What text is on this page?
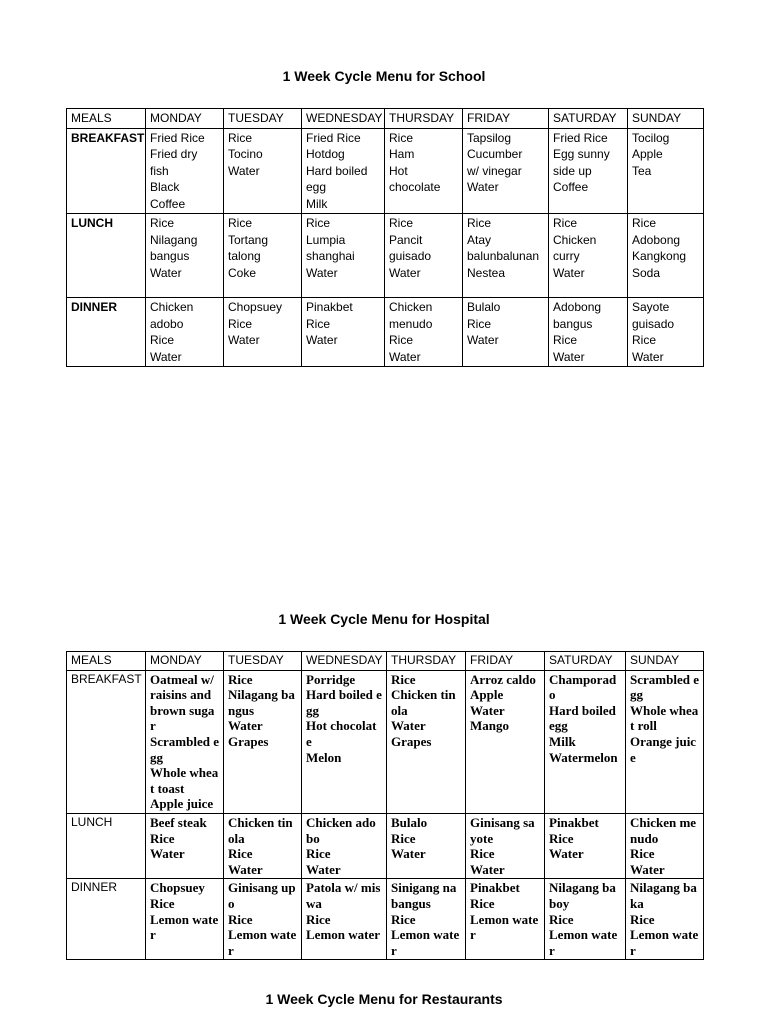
1 Week Cycle Menu for School
MEALS	MONDAY	TUESDAY	WEDNESDAY	THURSDAY	FRIDAY	SATURDAY	SUNDAY
BREAKFAST	Fried Rice
Fried dry
fish
Black
Coffee	Rice
Tocino
Water	Fried Rice
Hotdog
Hard boiled
egg
Milk	Rice
Ham
Hot
chocolate	Tapsilog
Cucumber
w/ vinegar
Water	Fried Rice
Egg sunny
side up
Coffee	Tocilog
Apple
Tea

LUNCH	Rice
Nilagang
bangus
Water	Rice
Tortang
talong
Coke	Rice
Lumpia
shanghai
Water	Rice
Pancit
guisado
Water	Rice
Atay
balunbalunan
Nestea	Rice
Chicken
curry
Water	Rice
Adobong
Kangkong
Soda

DINNER	Chicken
adobo
Rice
Water	Chopsuey
Rice
Water	Pinakbet
Rice
Water	Chicken
menudo
Rice
Water	Bulalo
Rice
Water	Adobong
bangus
Rice
Water	Sayote
guisado
Rice
Water
1 Week Cycle Menu for Hospital
MEALS	MONDAY	TUESDAY	WEDNESDAY	THURSDAY	FRIDAY	SATURDAY	SUNDAY
BREAKFAST	Oatmeal w/ raisins and brown sugar
Scrambled egg
Whole wheat toast
Apple juice	Rice
Nilagang bangus
Water
Grapes	Porridge
Hard boiled egg
Hot chocolate
Melon	Rice
Chicken tinola
Water
Grapes	Arroz caldo
Apple
Water
Mango	Champorado
Hard boiled egg
Milk
Watermelon	Scrambled egg
Whole wheat roll
Orange juice

LUNCH	Beef steak
Rice
Water	Chicken tinola
Rice
Water	Chicken adobo
Rice
Water	Bulalo
Rice
Water	Ginisang sayote
Rice
Water	Pinakbet
Rice
Water	Chicken menudo
Rice
Water

DINNER	Chopsuey
Rice
Lemon water	Ginisang upo
Rice
Lemon water	Patola w/ miswa
Rice
Lemon water	Sinigang na bangus
Rice
Lemon water	Pinakbet
Rice
Lemon water	Nilagang baboy
Rice
Lemon water	Nilagang baka
Rice
Lemon water
1 Week Cycle Menu for Restaurants
